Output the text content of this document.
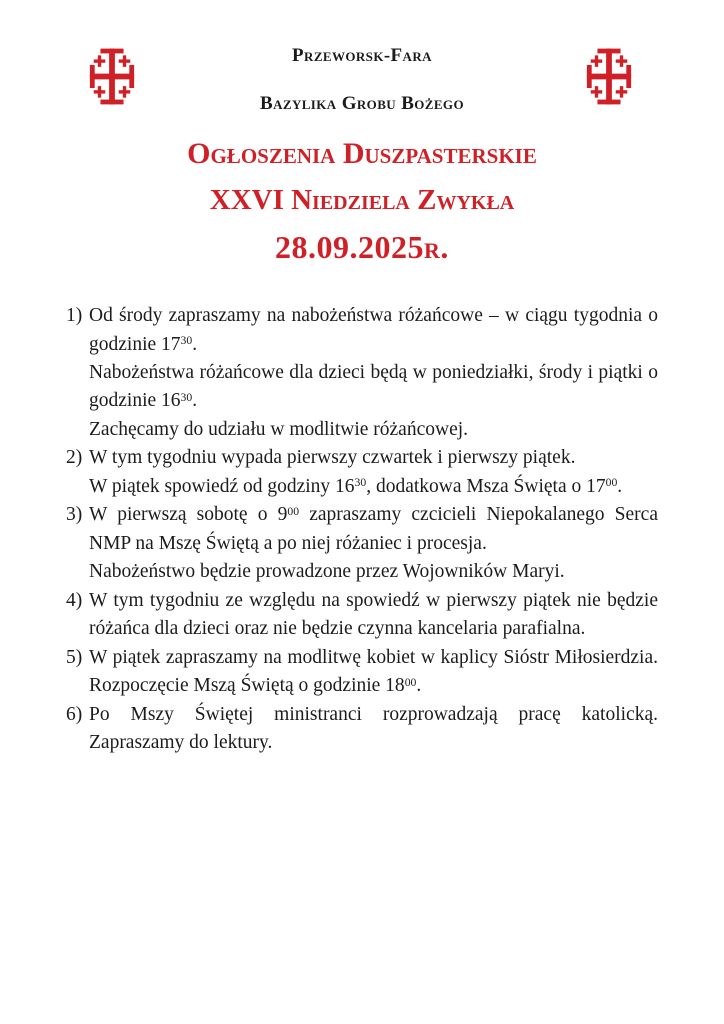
Przeworsk-Fara
Bazylika Grobu Bożego
Ogłoszenia Duszpasterskie
XXVI Niedziela Zwykła
28.09.2025r.
1) Od środy zapraszamy na nabożeństwa różańcowe – w ciągu tygodnia o godzinie $17^{30}$.
Nabożeństwa różańcowe dla dzieci będą w poniedziałki, środy i piątki o godzinie $16^{30}$.
Zachęcamy do udziału w modlitwie różańcowej.
2) W tym tygodniu wypada pierwszy czwartek i pierwszy piątek.
W piątek spowiedź od godziny $16^{30}$, dodatkowa Msza Święta o $17^{00}$.
3) W pierwszą sobotę o $9^{00}$ zapraszamy czcicieli Niepokalanego Serca NMP na Mszę Świętą a po niej różaniec i procesja.
Nabożeństwo będzie prowadzone przez Wojowników Maryi.
4) W tym tygodniu ze względu na spowiedź w pierwszy piątek nie będzie różańca dla dzieci oraz nie będzie czynna kancelaria parafialna.
5) W piątek zapraszamy na modlitwę kobiet w kaplicy Sióstr Miłosierdzia. Rozpoczęcie Mszą Świętą o godzinie $18^{00}$.
6) Po Mszy Świętej ministranci rozprowadzają pracę katolicką. Zapraszamy do lektury.
